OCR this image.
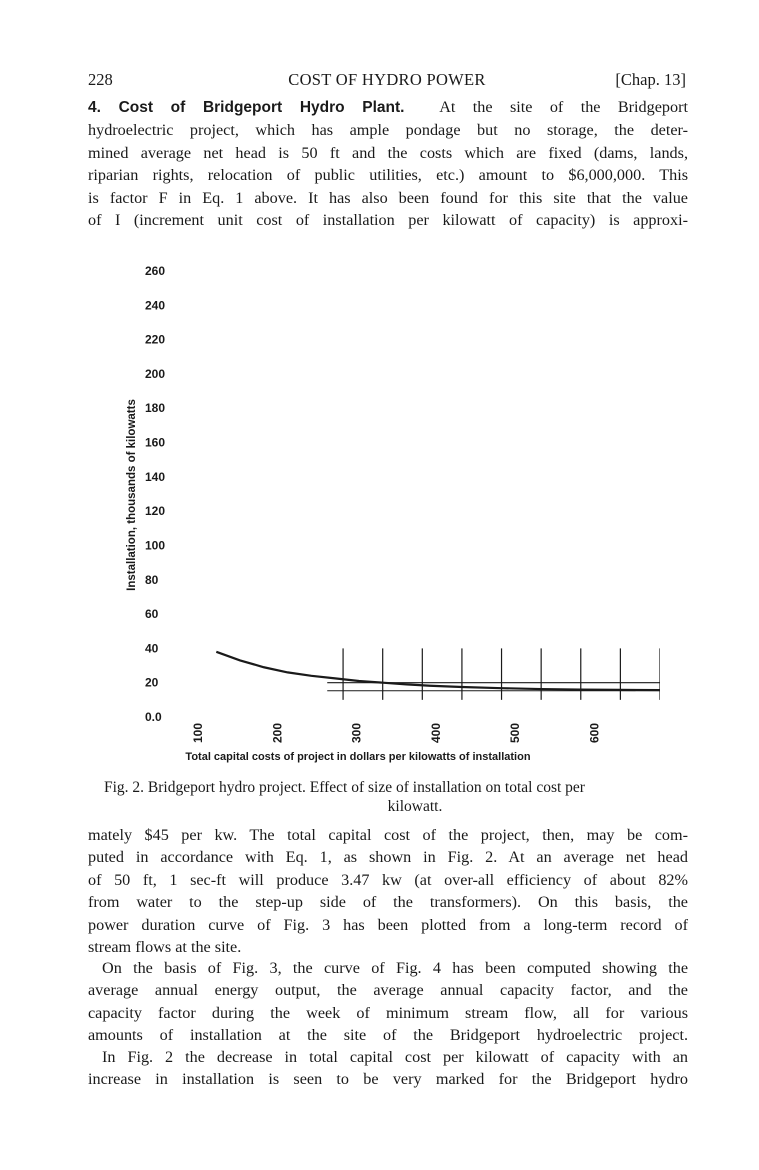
228	COST OF HYDRO POWER	[Chap. 13]
4. Cost of Bridgeport Hydro Plant. At the site of the Bridgeport
hydroelectric project, which has ample pondage but no storage, the deter-
mined average net head is 50 ft and the costs which are fixed (dams, lands,
riparian rights, relocation of public utilities, etc.) amount to $6,000,000. This
is factor F in Eq. 1 above. It has also been found for this site that the value
of I (increment unit cost of installation per kilowatt of capacity) is approxi-
260
240
220
200
180
160
140
120
100
80
60
40
20
0.0
100	200	300	400	500	600
Installation, thousands of kilowatts
Total capital costs of project in dollars per kilowatts of installation
Fig. 2. Bridgeport hydro project. Effect of size of installation on total cost per
kilowatt.
mately $45 per kw. The total capital cost of the project, then, may be com-
puted in accordance with Eq. 1, as shown in Fig. 2. At an average net head
of 50 ft, 1 sec-ft will produce 3.47 kw (at over-all efficiency of about 82%
from water to the step-up side of the transformers). On this basis, the
power duration curve of Fig. 3 has been plotted from a long-term record of
stream flows at the site.
On the basis of Fig. 3, the curve of Fig. 4 has been computed showing the
average annual energy output, the average annual capacity factor, and the
capacity factor during the week of minimum stream flow, all for various
amounts of installation at the site of the Bridgeport hydroelectric project.
In Fig. 2 the decrease in total capital cost per kilowatt of capacity with an
increase in installation is seen to be very marked for the Bridgeport hydro
